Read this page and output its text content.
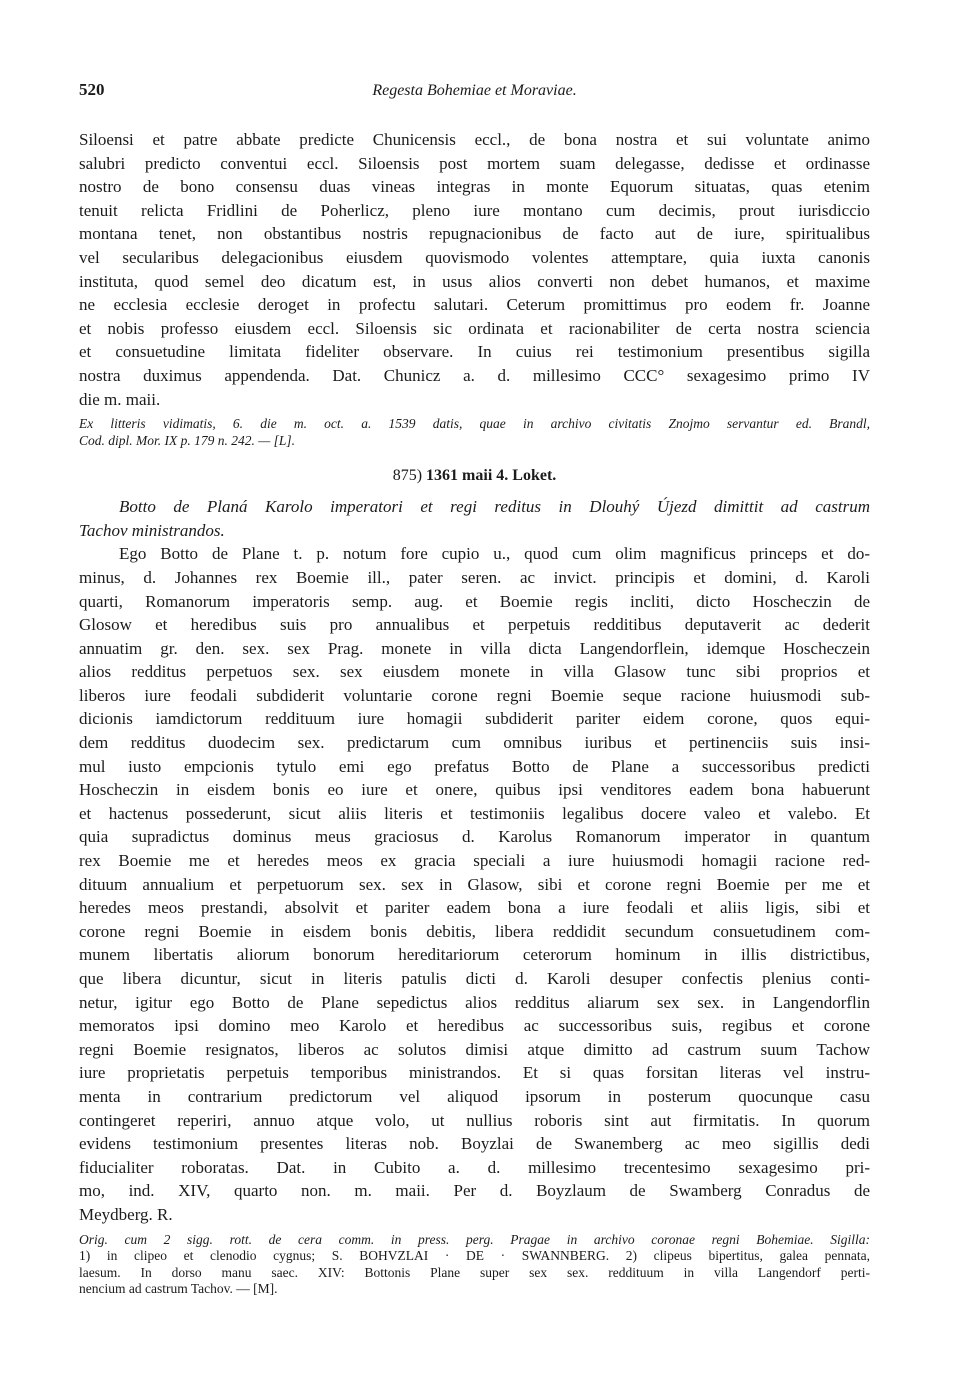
520	Regesta Bohemiae et Moraviae.
Siloensi et patre abbate predicte Chunicensis eccl., de bona nostra et sui voluntate animo
salubri predicto conventui eccl. Siloensis post mortem suam delegasse, dedisse et ordinasse
nostro de bono consensu duas vineas integras in monte Equorum situatas, quas etenim
tenuit relicta Fridlini de Poherlicz, pleno iure montano cum decimis, prout iurisdiccio
montana tenet, non obstantibus nostris repugnacionibus de facto aut de iure, spiritualibus
vel secularibus delegacionibus eiusdem quovismodo volentes attemptare, quia iuxta canonis
instituta, quod semel deo dicatum est, in usus alios converti non debet humanos, et maxime
ne ecclesia ecclesie deroget in profectu salutari. Ceterum promittimus pro eodem fr. Joanne
et nobis professo eiusdem eccl. Siloensis sic ordinata et racionabiliter de certa nostra sciencia
et consuetudine limitata fideliter observare. In cuius rei testimonium presentibus sigilla
nostra duximus appendenda. Dat. Chunicz a. d. millesimo CCC° sexagesimo primo IV
die m. maii.
Ex litteris vidimatis, 6. die m. oct. a. 1539 datis, quae in archivo civitatis Znojmo servantur ed. Brandl,
Cod. dipl. Mor. IX p. 179 n. 242. — [L].
875) 1361 maii 4. Loket.
Botto de Planá Karolo imperatori et regi reditus in Dlouhý Újezd dimittit ad castrum
Tachov ministrandos.
Ego Botto de Plane t. p. notum fore cupio u., quod cum olim magnificus princeps et do-
minus, d. Johannes rex Boemie ill., pater seren. ac invict. principis et domini, d. Karoli
quarti, Romanorum imperatoris semp. aug. et Boemie regis incliti, dicto Hoscheczin de
Glosow et heredibus suis pro annualibus et perpetuis redditibus deputaverit ac dederit
annuatim gr. den. sex. sex Prag. monete in villa dicta Langendorflein, idemque Hoscheczein
alios redditus perpetuos sex. sex eiusdem monete in villa Glasow tunc sibi proprios et
liberos iure feodali subdiderit voluntarie corone regni Boemie seque racione huiusmodi sub-
dicionis iamdictorum reddituum iure homagii subdiderit pariter eidem corone, quos equi-
dem redditus duodecim sex. predictarum cum omnibus iuribus et pertinenciis suis insi-
mul iusto empcionis tytulo emi ego prefatus Botto de Plane a successoribus predicti
Hoscheczin in eisdem bonis eo iure et onere, quibus ipsi venditores eadem bona habuerunt
et hactenus possederunt, sicut aliis literis et testimoniis legalibus docere valeo et valebo. Et
quia supradictus dominus meus graciosus d. Karolus Romanorum imperator in quantum
rex Boemie me et heredes meos ex gracia speciali a iure huiusmodi homagii racione red-
dituum annualium et perpetuorum sex. sex in Glasow, sibi et corone regni Boemie per me et
heredes meos prestandi, absolvit et pariter eadem bona a iure feodali et aliis ligis, sibi et
corone regni Boemie in eisdem bonis debitis, libera reddidit secundum consuetudinem com-
munem libertatis aliorum bonorum hereditariorum ceterorum hominum in illis districtibus,
que libera dicuntur, sicut in literis patulis dicti d. Karoli desuper confectis plenius conti-
netur, igitur ego Botto de Plane sepedictus alios redditus aliarum sex sex. in Langendorflin
memoratos ipsi domino meo Karolo et heredibus ac successoribus suis, regibus et corone
regni Boemie resignatos, liberos ac solutos dimisi atque dimitto ad castrum suum Tachow
iure proprietatis perpetuis temporibus ministrandos. Et si quas forsitan literas vel instru-
menta in contrarium predictorum vel aliquod ipsorum in posterum quocunque casu
contingeret reperiri, annuo atque volo, ut nullius roboris sint aut firmitatis. In quorum
evidens testimonium presentes literas nob. Boyzlai de Swanemberg ac meo sigillis dedi
fiducialiter roboratas. Dat. in Cubito a. d. millesimo trecentesimo sexagesimo pri-
mo, ind. XIV, quarto non. m. maii. Per d. Boyzlaum de Swamberg Conradus de
Meydberg. R.
Orig. cum 2 sigg. rott. de cera comm. in press. perg. Pragae in archivo coronae regni Bohemiae. Sigilla:
1) in clipeo et clenodio cygnus; S. BOHVZLAI · DE · SWANNBERG. 2) clipeus bipertitus, galea pennata,
laesum. In dorso manu saec. XIV: Bottonis Plane super sex sex. reddituum in villa Langendorf perti-
nencium ad castrum Tachov. — [M].
